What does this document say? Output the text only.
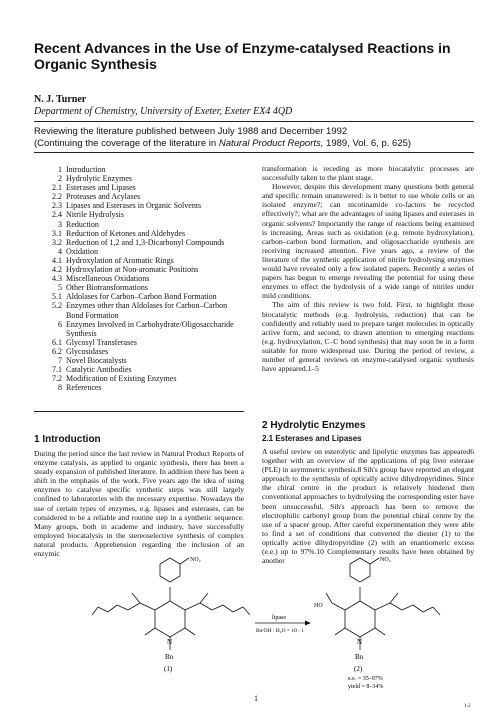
Recent Advances in the Use of Enzyme-catalysed Reactions in Organic Synthesis
N. J. Turner
Department of Chemistry, University of Exeter, Exeter EX4 4QD
Reviewing the literature published between July 1988 and December 1992
(Continuing the coverage of the literature in Natural Product Reports, 1989, Vol. 6, p. 625)
1 Introduction
2 Hydrolytic Enzymes
2.1 Esterases and Lipases
2.2 Proteases and Acylases
2.3 Lipases and Esterases in Organic Solvents
2.4 Nitrile Hydrolysis
3 Reduction
3.1 Reduction of Ketones and Aldehydes
3.2 Reduction of 1,2 and 1,3-Dicarbonyl Compounds
4 Oxidation
4.1 Hydroxylation of Aromatic Rings
4.2 Hydroxylation at Non-aromatic Positions
4.3 Miscellaneous Oxidations
5 Other Biotransformations
5.1 Aldolases for Carbon–Carbon Bond Formation
5.2 Enzymes other than Aldolases for Carbon–Carbon Bond Formation
6 Enzymes Involved in Carbohydrate/Oligosaccharide Synthesis
6.1 Glycosyl Transferases
6.2 Glycosidases
7 Novel Biocatalysts
7.1 Catalytic Antibodies
7.2 Modification of Existing Enzymes
8 References
1 Introduction

During the period since the last review in Natural Product Reports of enzyme catalysis, as applied to organic synthesis, there has been a steady expansion of published literature. In addition there has been a shift in the emphasis of the work. Five years ago the idea of using enzymes to catalyse specific synthetic steps was still largely confined to laboratories with the necessary expertise. Nowadays the use of certain types of enzymes, e.g. lipases and esterases, can be considered to be a reliable and routine step in a synthetic sequence. Many groups, both in academe and industry, have successfully employed biocatalysis in the stereoselective synthesis of complex natural products. Apprehension regarding the inclusion of an enzymic

transformation is receding as more biocatalytic processes are successfully taken to the plant stage.

However, despite this development many questions both general and specific remain unanswered: is it better to use whole cells or an isolated enzyme?; can nicotinamide co-factors be recycled effectively?; what are the advantages of using lipases and esterases in organic solvents? Importantly the range of reactions being examined is increasing. Areas such as oxidation (e.g. remote hydroxylation), carbon–carbon bond formation, and oligosaccharide synthesis are receiving increased attention. Five years ago, a review of the literature of the synthetic application of nitrile hydrolysing enzymes would have revealed only a few isolated papers. Recently a series of papers has begun to emerge revealing the potential for using these enzymes to effect the hydrolysis of a wide range of nitriles under mild conditions.

The aim of this review is two fold. First, to highlight those biocatalytic methods (e.g. hydrolysis, reduction) that can be confidently and reliably used to prepare target molecules in optically active form, and second, to drawn attention to emerging reactions (e.g. hydroxylation, C–C bond synthesis) that may soon be in a form suitable for more widespread use. During the period of review, a number of general reviews on enzyme-catalysed organic synthesis have appeared.1–5

2 Hydrolytic Enzymes
2.1 Esterases and Lipases

A useful review on esterolytic and lipolytic enzymes has appeared6 together with an overview of the applications of pig liver esterase (PLE) in asymmetric synthesis.8 Sih's group have reported an elegant approach to the synthesis of optically active dihydropyridines. Since the chiral centre in the product is relatively hindered then conventional approaches to hydrolysing the corresponding ester have been unsuccessful. Sih's approach has been to remove the electrophilic carbonyl group from the potential chiral centre by the use of a spacer group. After careful experimentation they were able to find a set of conditions that converted the diester (1) to the optically active dihydropyridine (2) with an enantiomeric excess (e.e.) up to 97%.10 Complementary results have been obtained by another

NO₂
N
Bn
(1)
lipase
BuᵗOH : H₂O = 10 : 1
NO₂
HO
N
Bn
(2)
e.e. = 35–97%
yield = 8–34%
1
1-2
